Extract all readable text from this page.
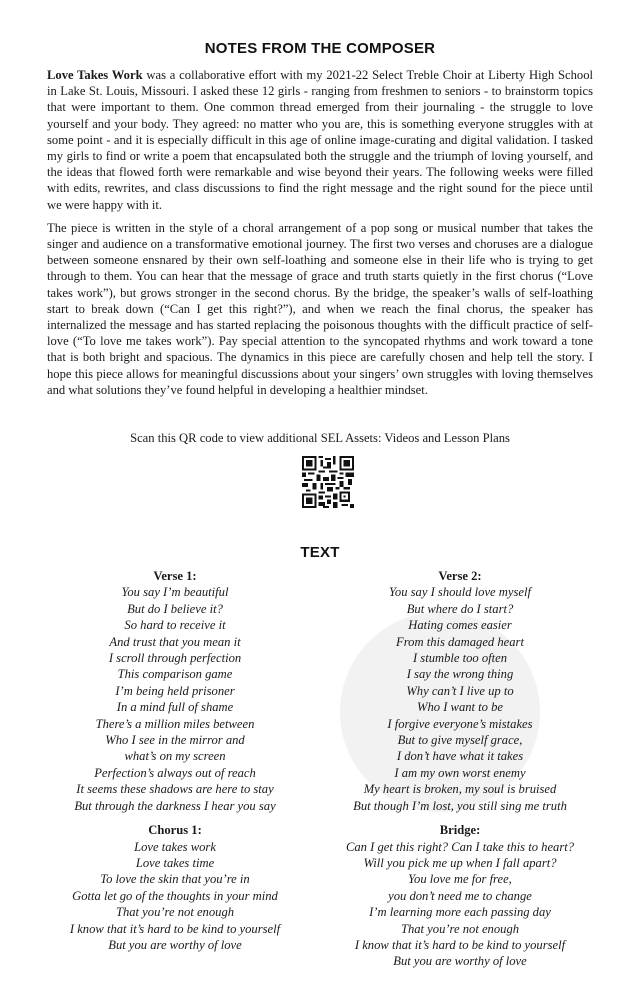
NOTES FROM THE COMPOSER

Love Takes Work was a collaborative effort with my 2021-22 Select Treble Choir at Liberty High School in Lake St. Louis, Missouri. I asked these 12 girls - ranging from freshmen to seniors - to brainstorm topics that were important to them. One common thread emerged from their journaling - the struggle to love yourself and your body. They agreed: no matter who you are, this is something everyone struggles with at some point - and it is especially difficult in this age of online image-curating and digital validation. I tasked my girls to find or write a poem that encapsulated both the struggle and the triumph of loving yourself, and the ideas that flowed forth were remarkable and wise beyond their years. The following weeks were filled with edits, rewrites, and class discussions to find the right message and the right sound for the piece until we were happy with it.

The piece is written in the style of a choral arrangement of a pop song or musical number that takes the singer and audience on a transformative emotional journey. The first two verses and choruses are a dialogue between someone ensnared by their own self-loathing and someone else in their life who is trying to get through to them. You can hear that the message of grace and truth starts quietly in the first chorus (“Love takes work”), but grows stronger in the second chorus. By the bridge, the speaker’s walls of self-loathing start to break down (“Can I get this right?”), and when we reach the final chorus, the speaker has internalized the message and has started replacing the poisonous thoughts with the difficult practice of self-love (“To love me takes work”). Pay special attention to the syncopated rhythms and work toward a tone that is both bright and spacious. The dynamics in this piece are carefully chosen and help tell the story. I hope this piece allows for meaningful discussions about your singers’ own struggles with loving themselves and what solutions they’ve found helpful in developing a healthier mindset.

Scan this QR code to view additional SEL Assets: Videos and Lesson Plans
TEXT
Verse 1:
You say I’m beautiful
But do I believe it?
So hard to receive it
And trust that you mean it
I scroll through perfection
This comparison game
I’m being held prisoner
In a mind full of shame
There’s a million miles between
Who I see in the mirror and
what’s on my screen
Perfection’s always out of reach
It seems these shadows are here to stay
But through the darkness I hear you say
Chorus 1:
Love takes work
Love takes time
To love the skin that you’re in
Gotta let go of the thoughts in your mind
That you’re not enough
I know that it’s hard to be kind to yourself
But you are worthy of love
Verse 2:
You say I should love myself
But where do I start?
Hating comes easier
From this damaged heart
I stumble too often
I say the wrong thing
Why can’t I live up to
Who I want to be
I forgive everyone’s mistakes
But to give myself grace,
I don’t have what it takes
I am my own worst enemy
My heart is broken, my soul is bruised
But though I’m lost, you still sing me truth
Bridge:
Can I get this right? Can I take this to heart?
Will you pick me up when I fall apart?
You love me for free,
you don’t need me to change
I’m learning more each passing day
That you’re not enough
I know that it’s hard to be kind to yourself
But you are worthy of love
